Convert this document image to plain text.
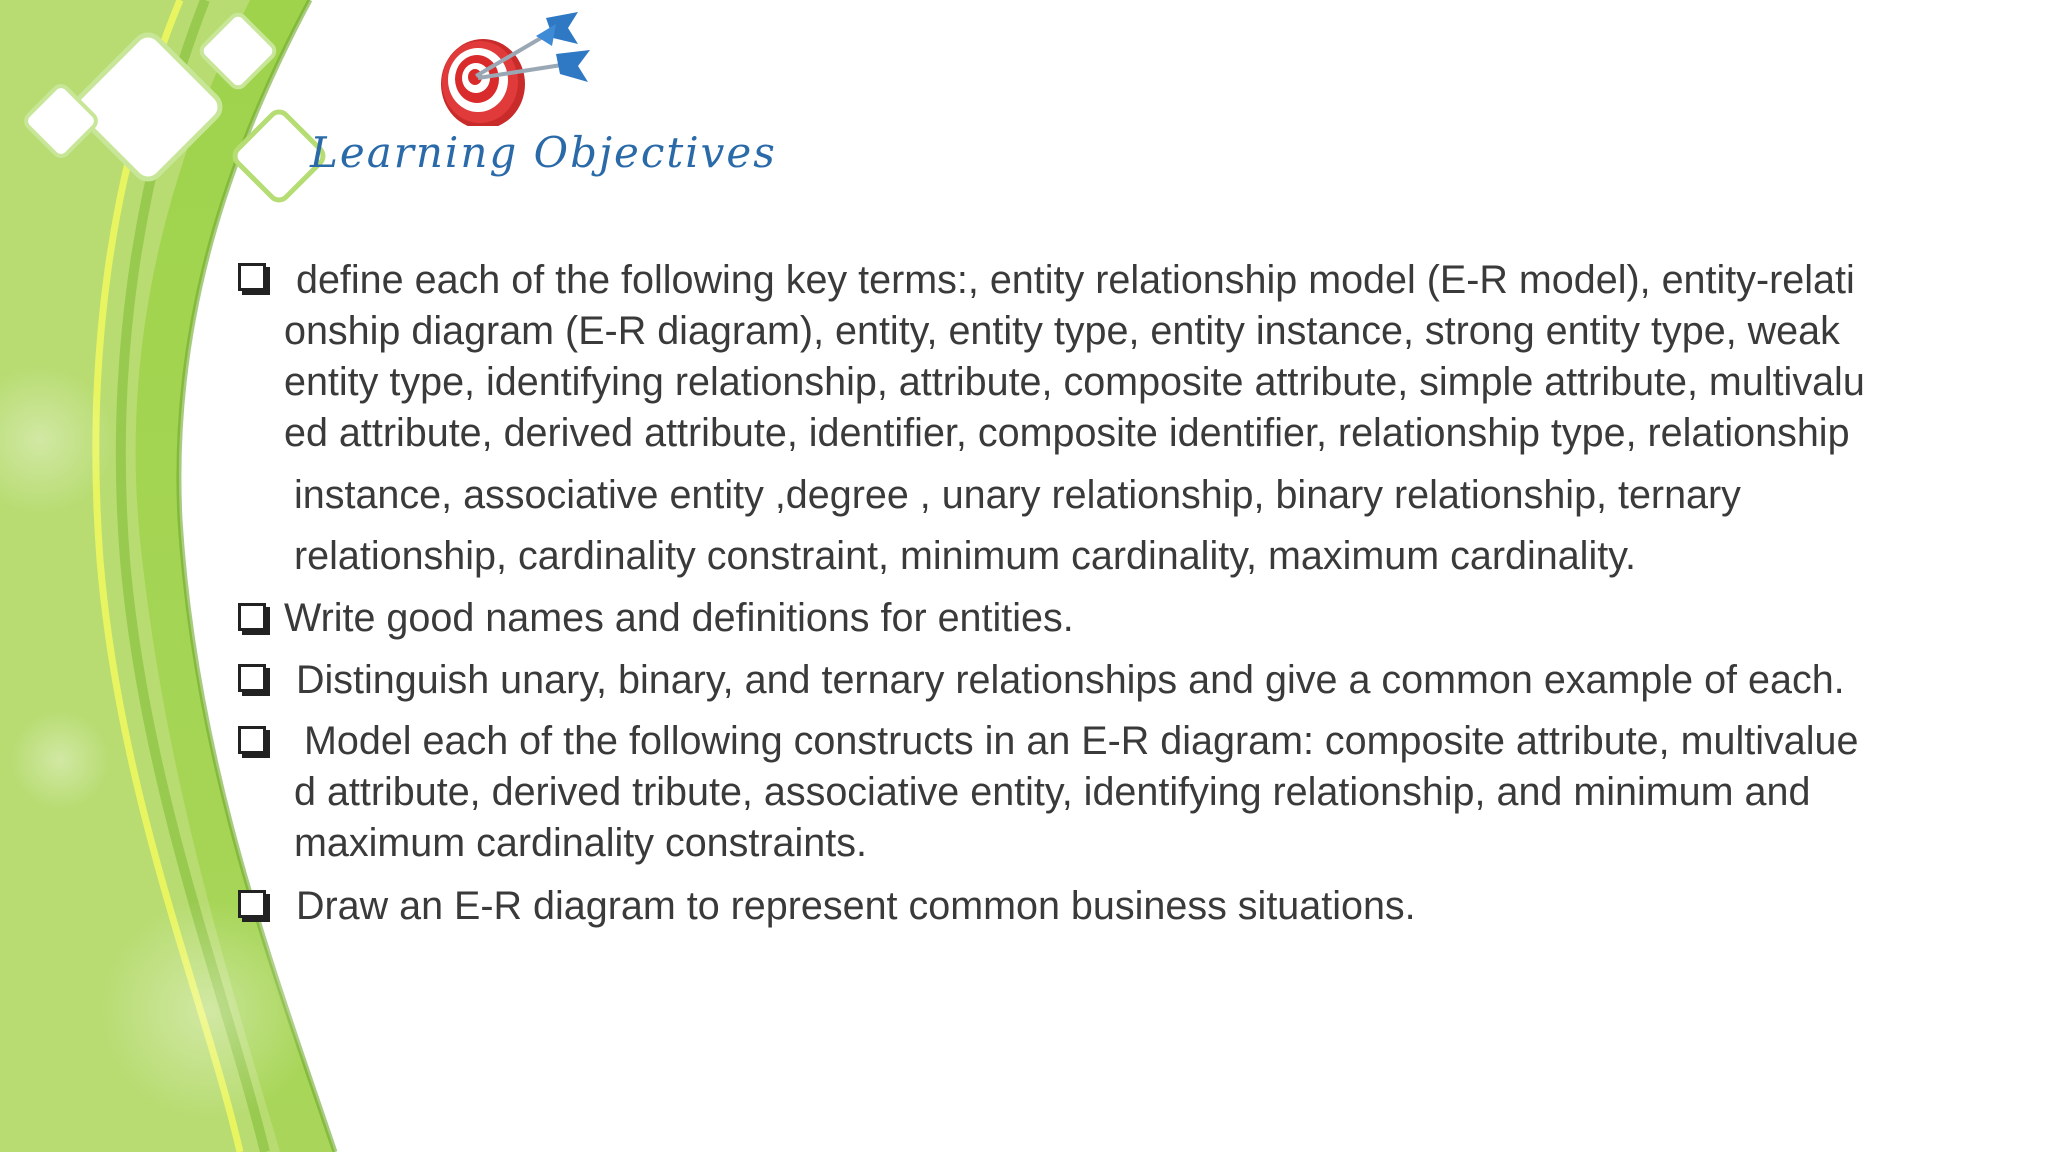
Learning Objectives

define each of the following key terms:, entity relationship model (E-R model), entity-relati

onship diagram (E-R diagram), entity, entity type, entity instance, strong entity type, weak

entity type, identifying relationship, attribute, composite attribute, simple attribute, multivalu

ed attribute, derived attribute, identifier, composite identifier, relationship type, relationship

instance, associative entity ,degree , unary relationship, binary relationship, ternary

relationship, cardinality constraint, minimum cardinality, maximum cardinality.

Write good names and definitions for entities.

Distinguish unary, binary, and ternary relationships and give a common example of each.

Model each of the following constructs in an E-R diagram: composite attribute, multivalue

d attribute, derived tribute, associative entity, identifying relationship, and minimum and

maximum cardinality constraints.

Draw an E-R diagram to represent common business situations.
